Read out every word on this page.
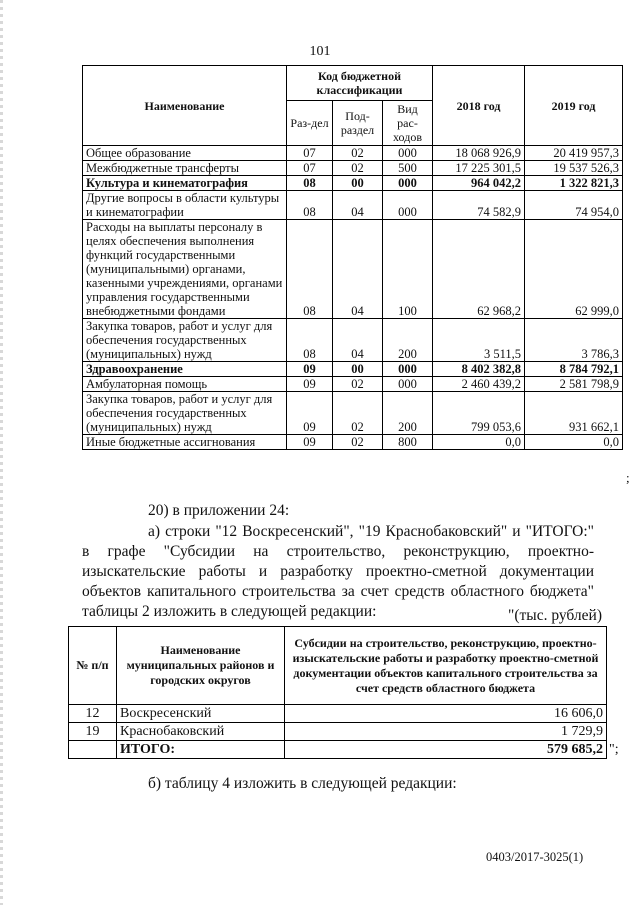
101
Наименование	Код бюджетной классификации			2018 год	2019 год
	Раз-дел	Под-раздел	Вид рас-ходов		
Общее образование	07	02	000	18 068 926,9	20 419 957,3
Межбюджетные трансферты	07	02	500	17 225 301,5	19 537 526,3
Культура и кинематография	08	00	000	964 042,2	1 322 821,3
Другие вопросы в области культуры и кинематографии	08	04	000	74 582,9	74 954,0
Расходы на выплаты персоналу в целях обеспечения выполнения функций государственными (муниципальными) органами, казенными учреждениями, органами управления государственными внебюджетными фондами	08	04	100	62 968,2	62 999,0
Закупка товаров, работ и услуг для обеспечения государственных (муниципальных) нужд	08	04	200	3 511,5	3 786,3
Здравоохранение	09	00	000	8 402 382,8	8 784 792,1
Амбулаторная помощь	09	02	000	2 460 439,2	2 581 798,9
Закупка товаров, работ и услуг для обеспечения государственных (муниципальных) нужд	09	02	200	799 053,6	931 662,1
Иные бюджетные ассигнования	09	02	800	0,0	0,0
;
20) в приложении 24:
а) строки "12 Воскресенский", "19 Краснобаковский" и "ИТОГО:" в графе "Субсидии на строительство, реконструкцию, проектно-изыскательские работы и разработку проектно-сметной документации объектов капитального строительства за счет средств областного бюджета" таблицы 2 изложить в следующей редакции:	"(тыс. рублей)
№ п/п	Наименование муниципальных районов и городских округов	Субсидии на строительство, реконструкцию, проектно-изыскательские работы и разработку проектно-сметной документации объектов капитального строительства за счет средств областного бюджета
12	Воскресенский	16 606,0
19	Краснобаковский	1 729,9
	ИТОГО:	579 685,2 ";
б) таблицу 4 изложить в следующей редакции:
0403/2017-3025(1)
